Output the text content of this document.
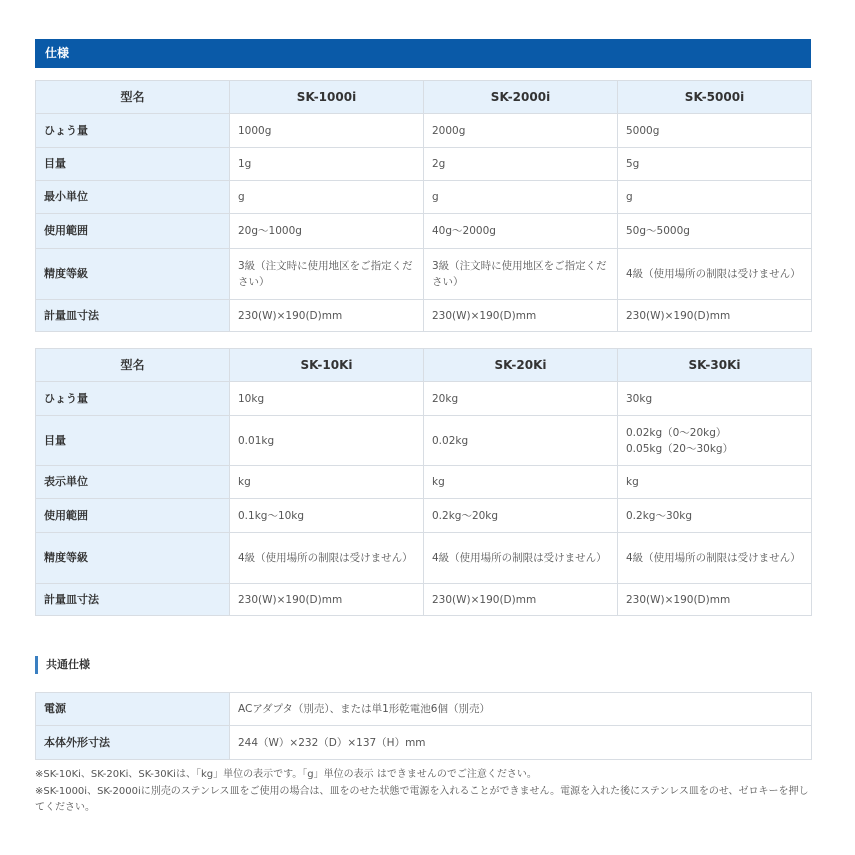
仕様
型名	SK-1000i	SK-2000i	SK-5000i
ひょう量	1000g	2000g	5000g
目量	1g	2g	5g
最小単位	g	g	g
使用範囲	20g〜1000g	40g〜2000g	50g〜5000g
精度等級	3級（注文時に使用地区をご指定ください）	3級（注文時に使用地区をご指定ください）	4級（使用場所の制限は受けません）
計量皿寸法	230(W)×190(D)mm	230(W)×190(D)mm	230(W)×190(D)mm
型名	SK-10Ki	SK-20Ki	SK-30Ki
ひょう量	10kg	20kg	30kg
目量	0.01kg	0.02kg	0.02kg（0〜20kg）
0.05kg（20〜30kg）
表示単位	kg	kg	kg
使用範囲	0.1kg〜10kg	0.2kg〜20kg	0.2kg〜30kg
精度等級	4級（使用場所の制限は受けません）	4級（使用場所の制限は受けません）	4級（使用場所の制限は受けません）
計量皿寸法	230(W)×190(D)mm	230(W)×190(D)mm	230(W)×190(D)mm
共通仕様
電源	ACアダプタ（別売）、または単1形乾電池6個（別売）
本体外形寸法	244（W）×232（D）×137（H）mm
※SK-10Ki、SK-20Ki、SK-30Kiは、「kg」単位の表示です。「g」単位の表示 はできませんのでご注意ください。
※SK-1000i、SK-2000iに別売のステンレス皿をご使用の場合は、皿をのせた状態で電源を入れることができません。電源を入れた後にステンレス皿をのせ、ゼロキーを押してください。
